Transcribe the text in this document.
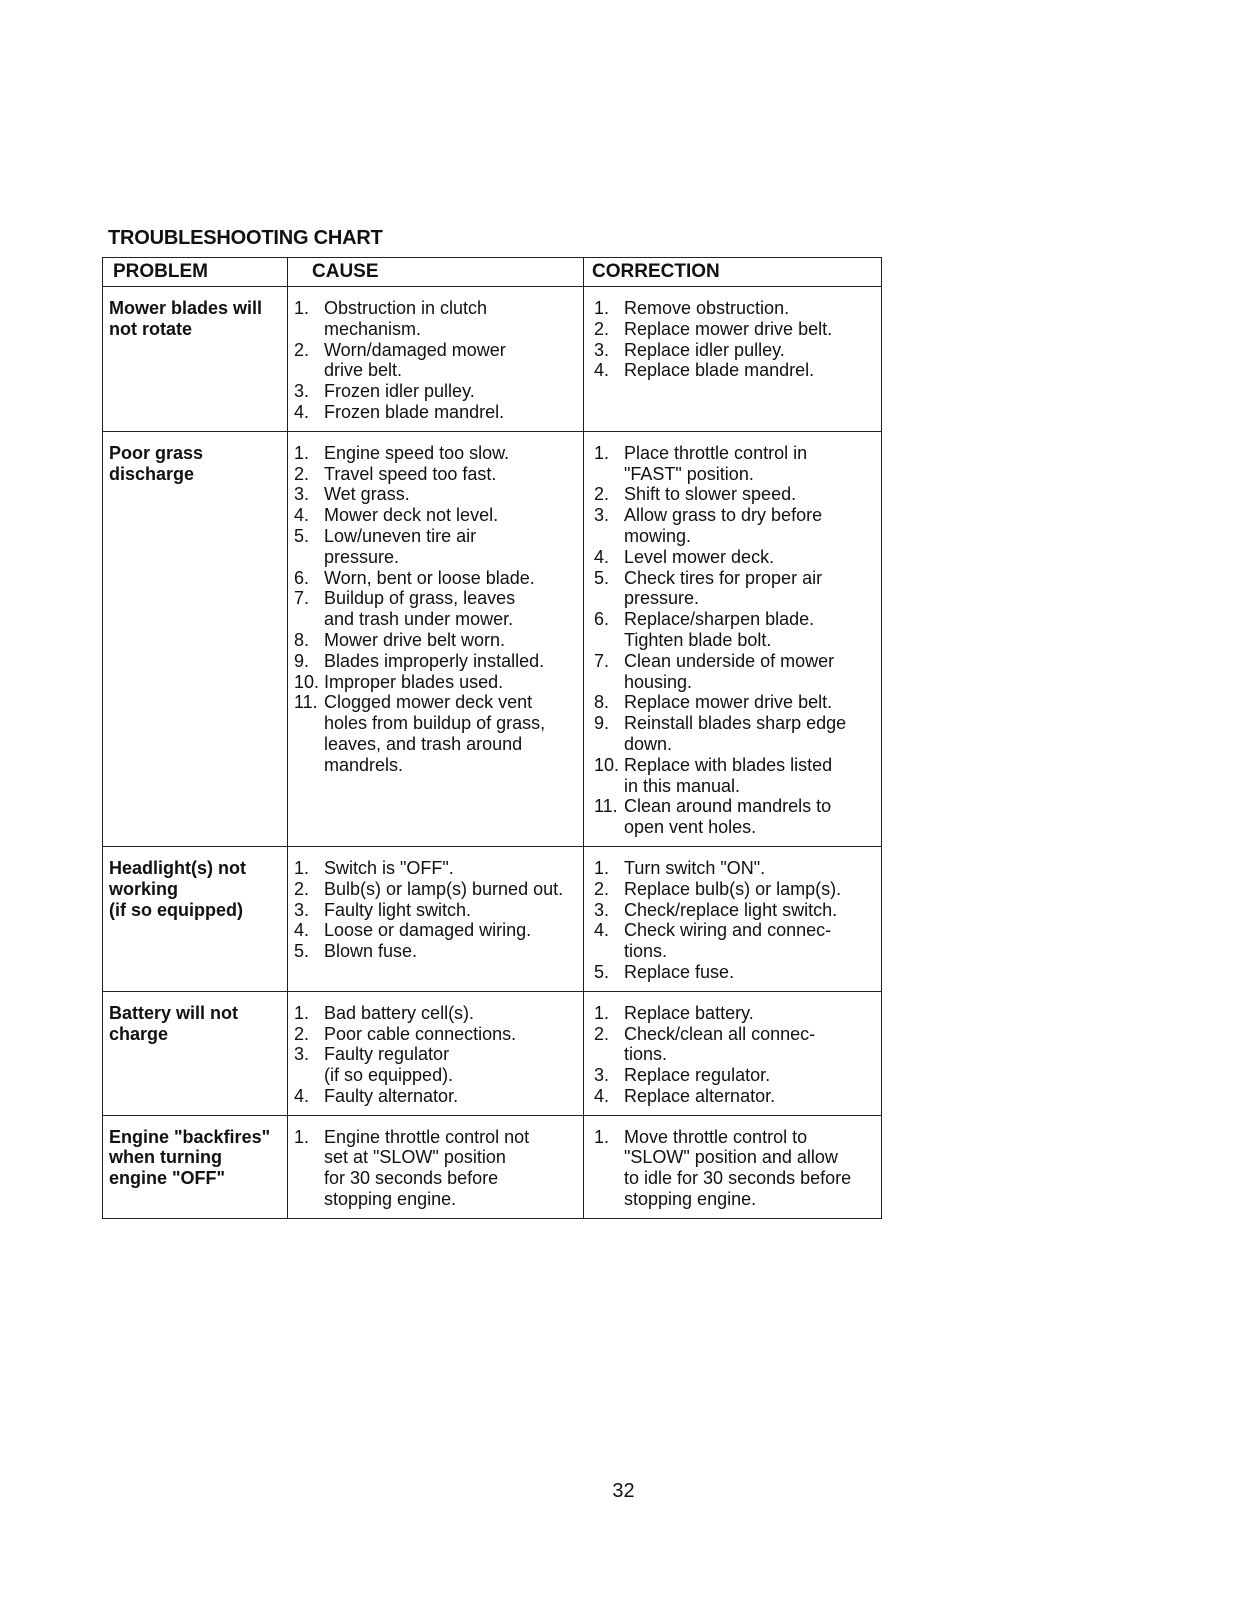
TROUBLESHOOTING CHART
PROBLEM	CAUSE	CORRECTION
Mower blades will
not rotate
1. Obstruction in clutch
mechanism.
2. Worn/damaged mower
drive belt.
3. Frozen idler pulley.
4. Frozen blade mandrel.
1. Remove obstruction.

2. Replace mower drive belt.

3. Replace idler pulley.
4. Replace blade mandrel.
Poor grass
discharge
1. Engine speed too slow.

2. Travel speed too fast.
3. Wet grass.

4. Mower deck not level.
5. Low/uneven tire air
pressure.
6. Worn, bent or loose blade.

7. Buildup of grass, leaves
and trash under mower.
8. Mower drive belt worn.
9. Blades improperly installed.

10. Improper blades used.

11. Clogged mower deck vent
holes from buildup of grass,
leaves, and trash around
mandrels.
1. Place throttle control in
"FAST" position.
2. Shift to slower speed.
3. Allow grass to dry before
mowing.
4. Level mower deck.
5. Check tires for proper air
pressure.
6. Replace/sharpen blade.
Tighten blade bolt.
7. Clean underside of mower
housing.
8. Replace mower drive belt.
9. Reinstall blades sharp edge
down.
10. Replace with blades listed
in this manual.
11. Clean around mandrels to
open vent holes.
Headlight(s) not
working
(if so equipped)
1. Switch is "OFF".
2. Bulb(s) or lamp(s) burned out.
3. Faulty light switch.
4. Loose or damaged wiring.

5. Blown fuse.
1. Turn switch "ON".
2. Replace bulb(s) or lamp(s).
3. Check/replace light switch.
4. Check wiring and connec-
tions.
5. Replace fuse.
Battery will not
charge
1. Bad battery cell(s).
2. Poor cable connections.

3. Faulty regulator
(if so equipped).
4. Faulty alternator.
1. Replace battery.
2. Check/clean all connec-
tions.
3. Replace regulator.

4. Replace alternator.
Engine "backfires"
when turning
engine "OFF"
1. Engine throttle control not
set at "SLOW" position
for 30 seconds before
stopping engine.
1. Move throttle control to
"SLOW" position and allow
to idle for 30 seconds before
stopping engine.
32
